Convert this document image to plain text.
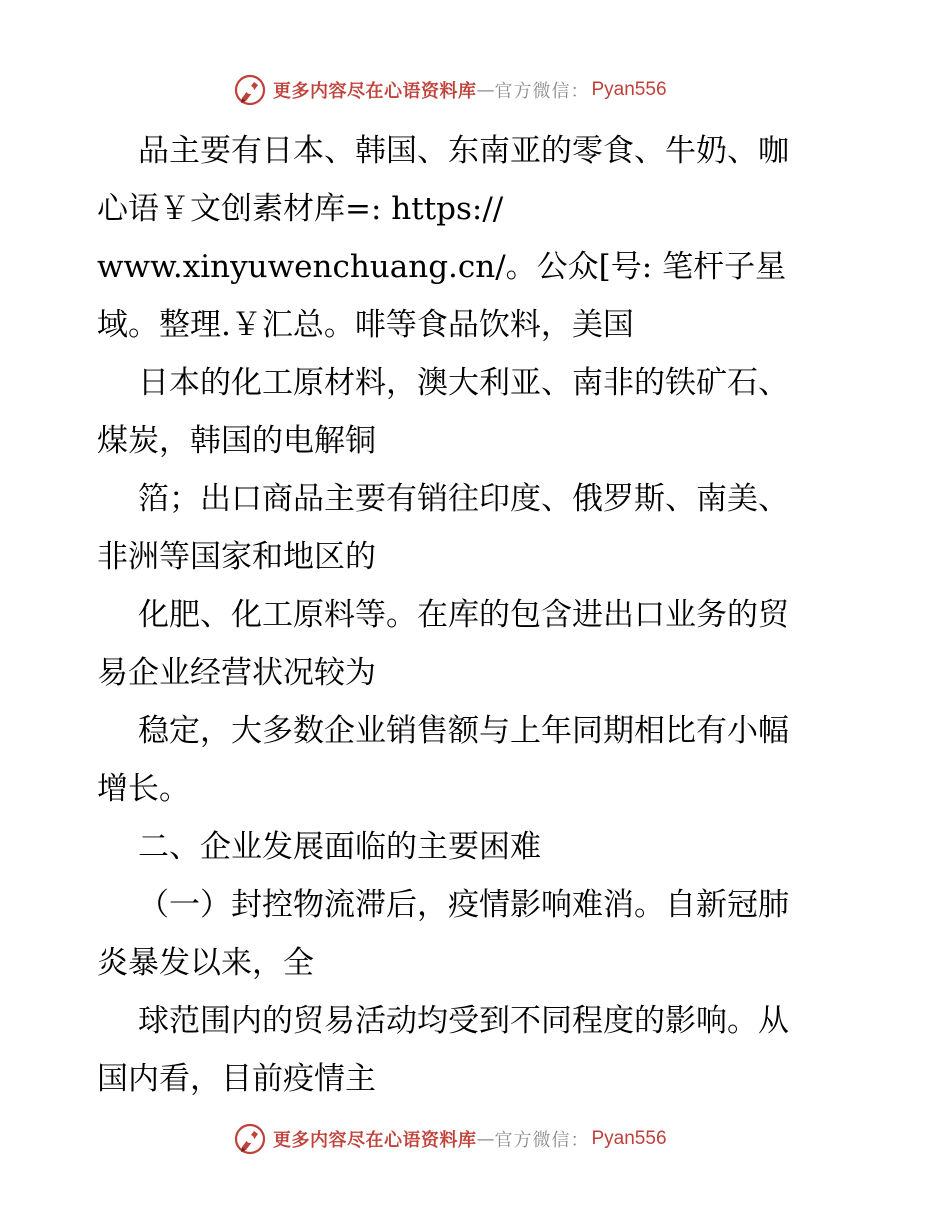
更多内容尽在心语资料库 — 官方微信： Pyan556
品主要有日本、韩国、东南亚的零食、牛奶、咖
心语￥文创素材库=: https://
www.xinyuwenchuang.cn/。公众[号: 笔杆子星
域。整理.￥汇总。啡等食品饮料，美国
日本的化工原材料，澳大利亚、南非的铁矿石、
煤炭，韩国的电解铜
箔；出口商品主要有销往印度、俄罗斯、南美、
非洲等国家和地区的
化肥、化工原料等。在库的包含进出口业务的贸
易企业经营状况较为
稳定，大多数企业销售额与上年同期相比有小幅
增长。
二、企业发展面临的主要困难
（一）封控物流滞后，疫情影响难消。自新冠肺
炎暴发以来，全
球范围内的贸易活动均受到不同程度的影响。从
国内看，目前疫情主
更多内容尽在心语资料库 — 官方微信： Pyan556
